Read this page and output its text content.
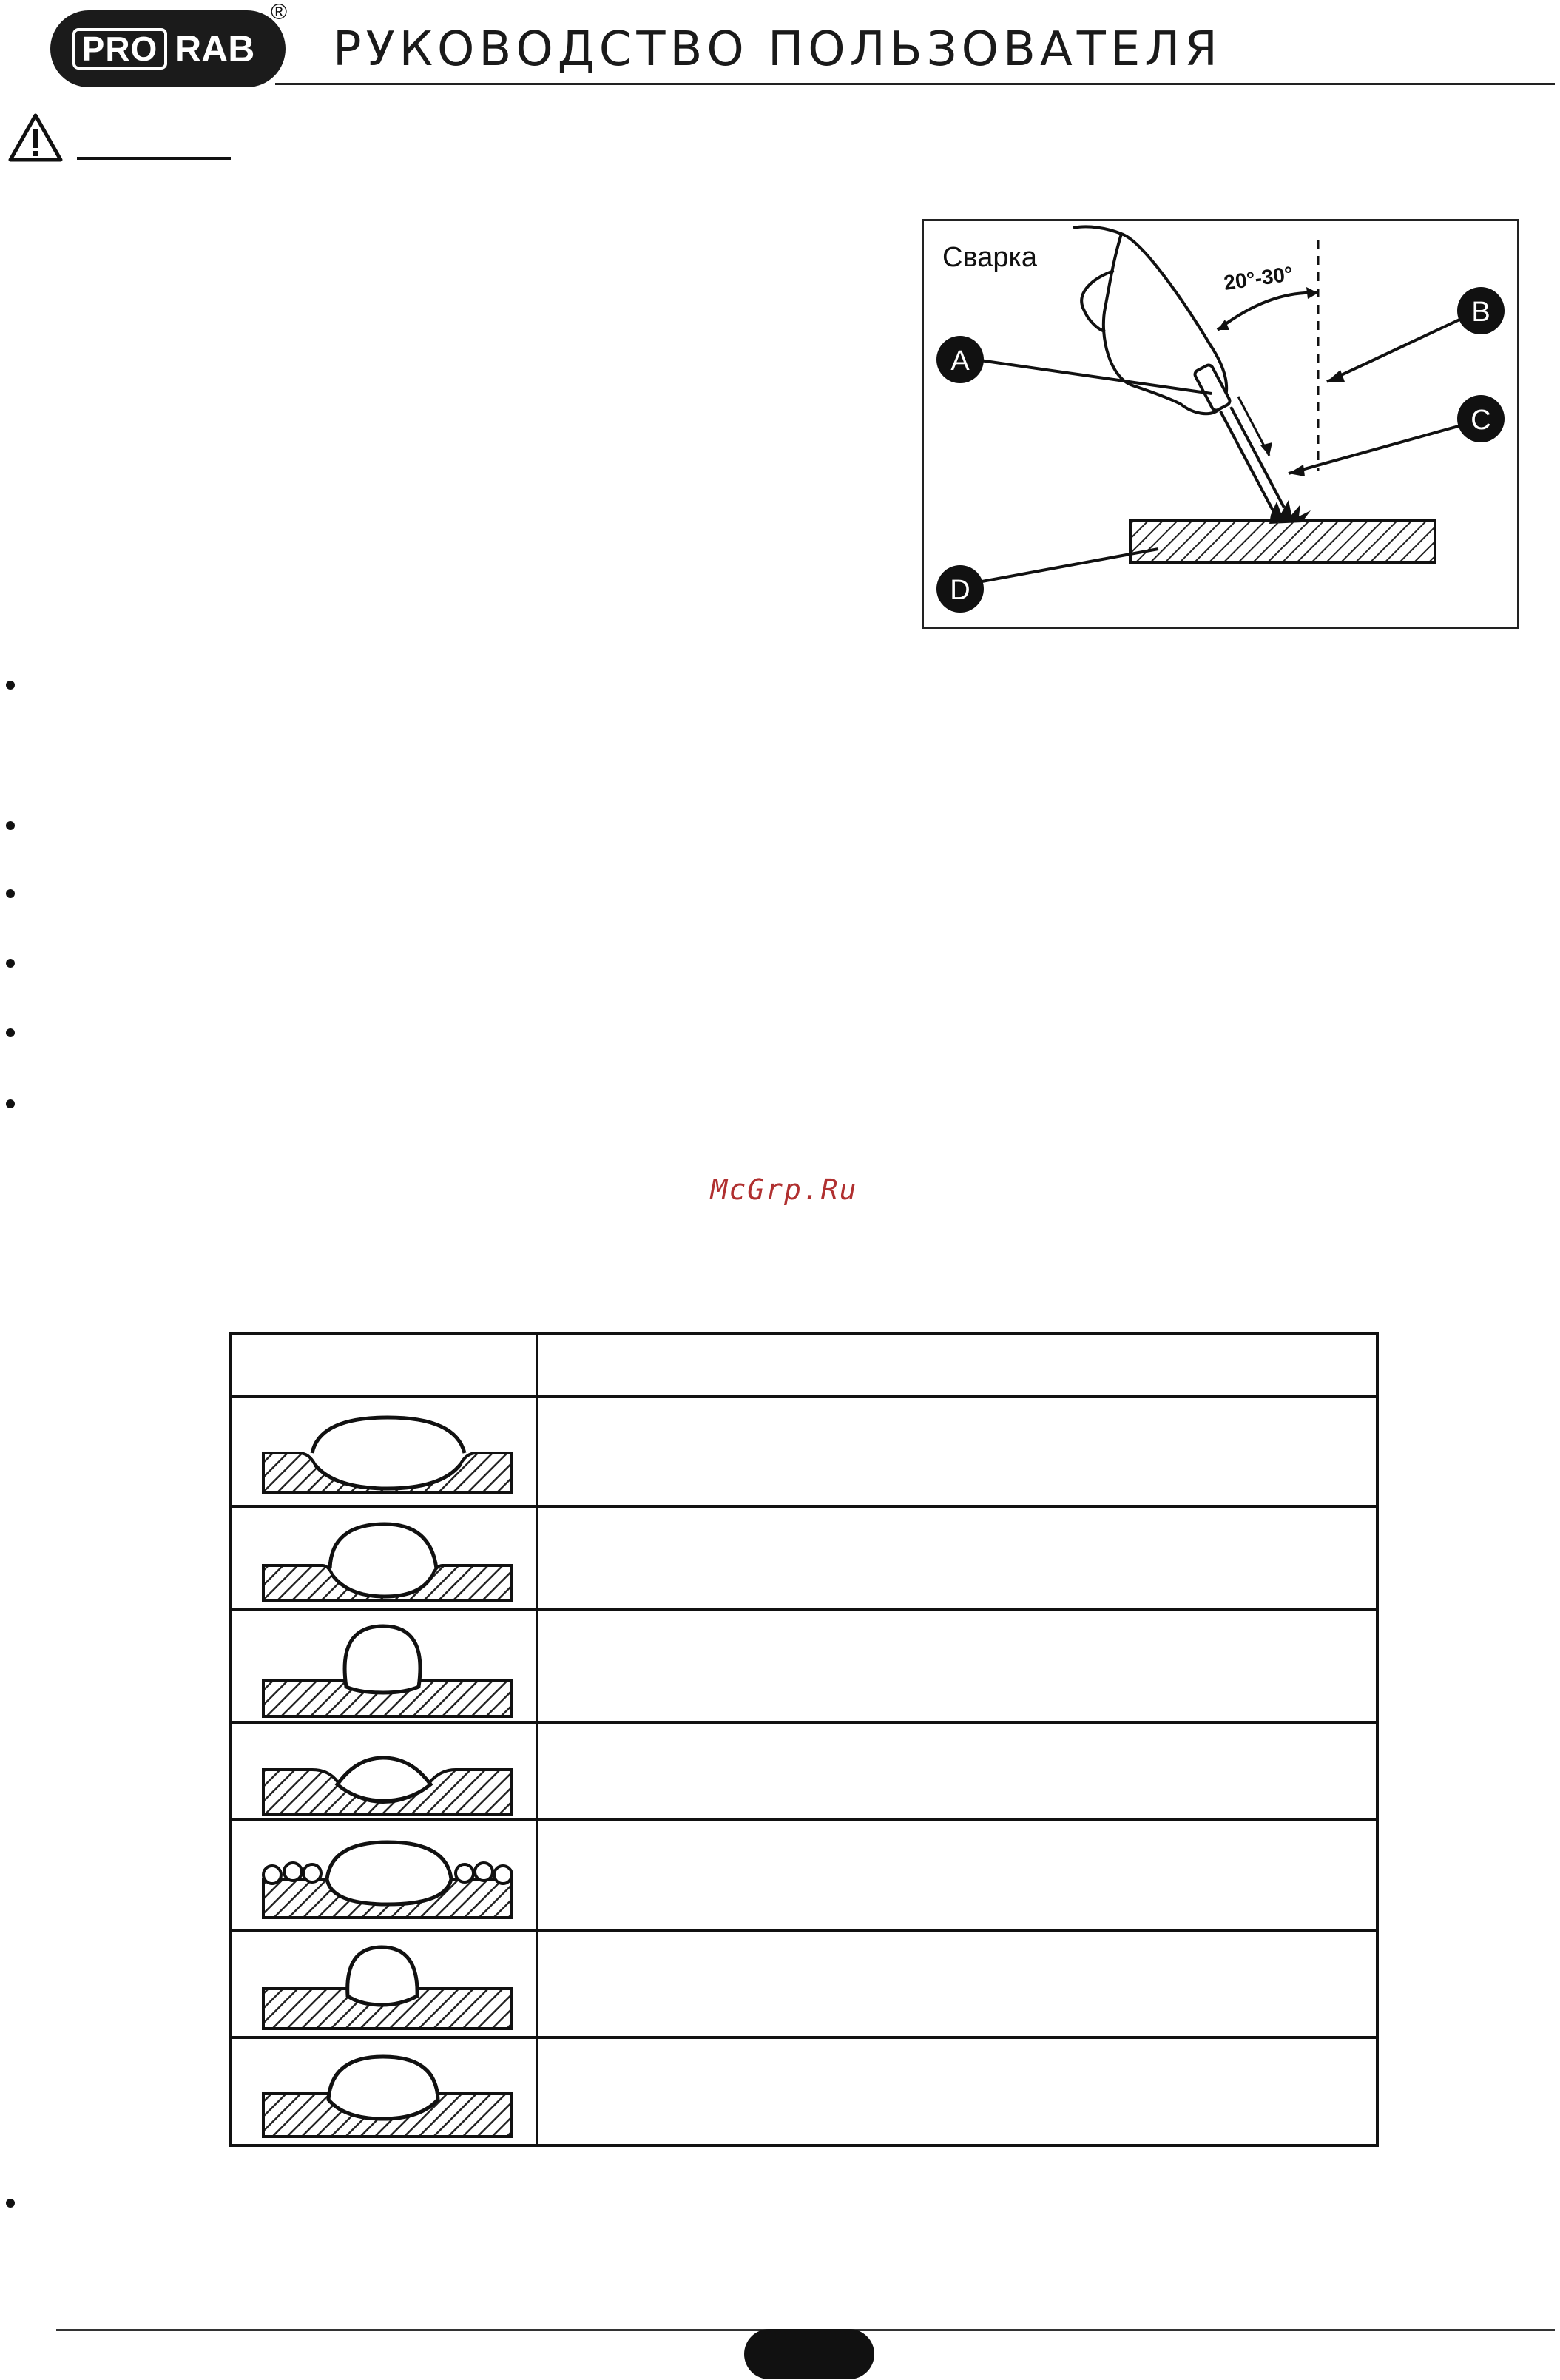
PRO RAB
®
РУКОВОДСТВО ПОЛЬЗОВАТЕЛЯ
Сварка
20°-30°
A
B
C
D
McGrp.Ru
